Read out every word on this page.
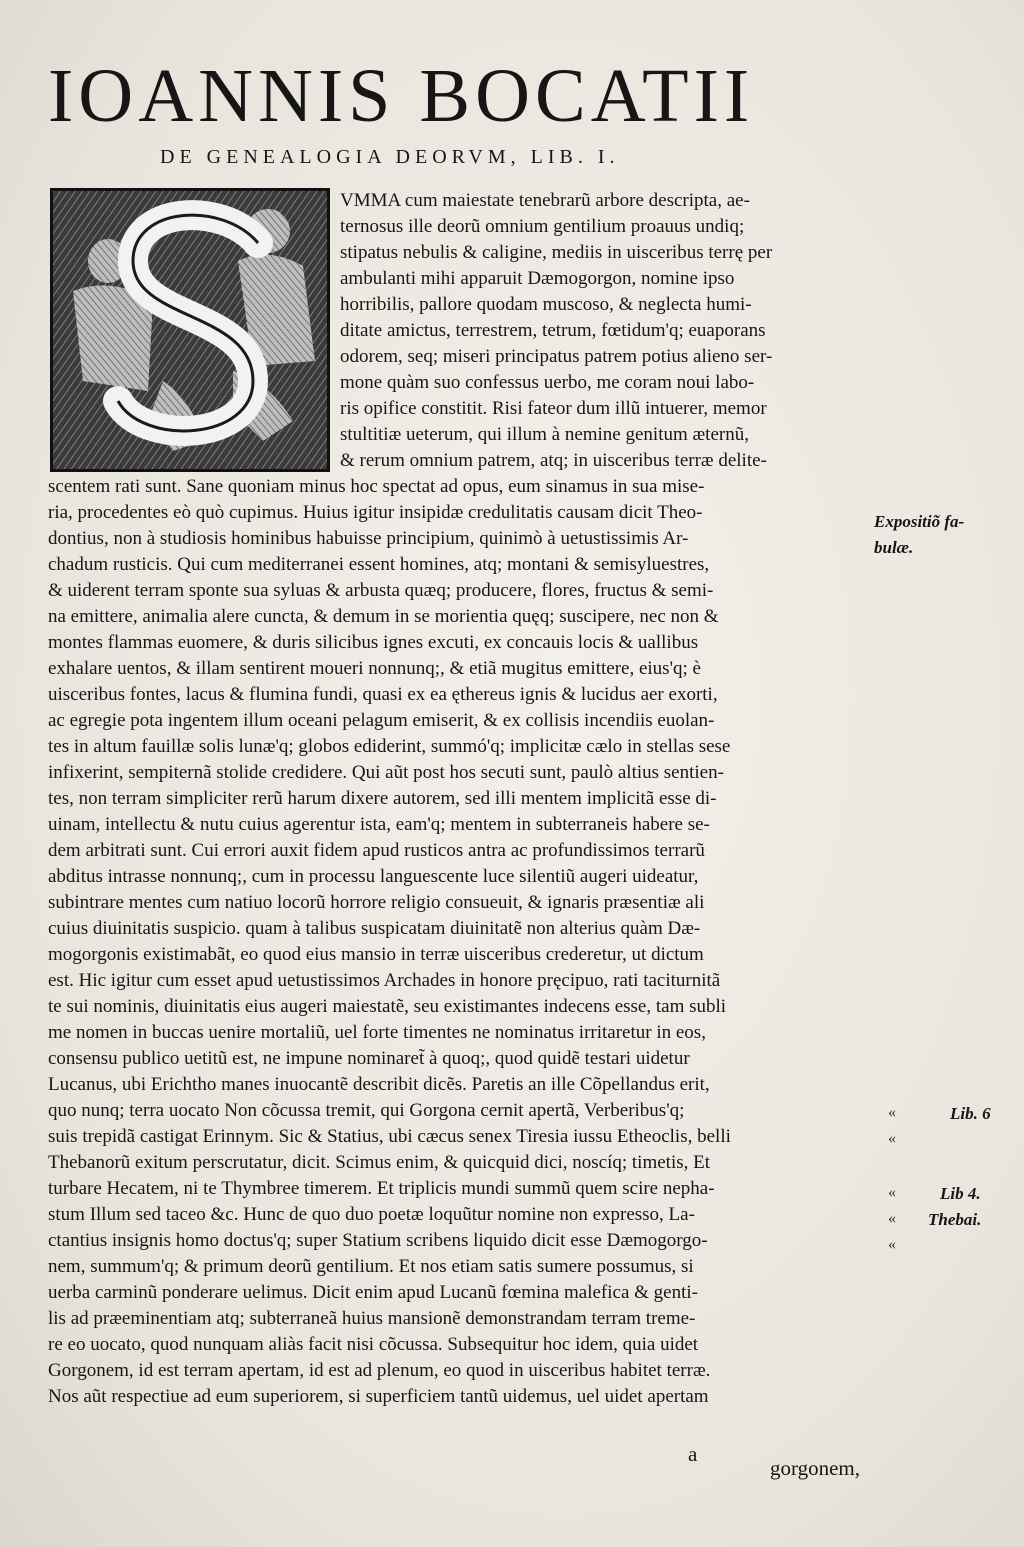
IOANNIS BOCATII
DE GENEALOGIA DEORVM, LIB. I.
VMMA cum maiestate tenebrarũ arbore descripta, ae-
ternosus ille deorũ omnium gentilium proauus undiq;
stipatus nebulis & caligine, mediis in uisceribus terrę per
ambulanti mihi apparuit Dæmogorgon, nomine ipso
horribilis, pallore quodam muscoso, & neglecta humi-
ditate amictus, terrestrem, tetrum, fœtidum'q; euaporans
odorem, seq; miseri principatus patrem potius alieno ser-
mone quàm suo confessus uerbo, me coram noui labo-
ris opifice constitit. Risi fateor dum illũ intuerer, memor
stultitiæ ueterum, qui illum à nemine genitum æternũ,
& rerum omnium patrem, atq; in uisceribus terræ delite-
scentem rati sunt. Sane quoniam minus hoc spectat ad opus, eum sinamus in sua mise-
ria, procedentes eò quò cupimus. Huius igitur insipidæ credulitatis causam dicit Theo-
dontius, non à studiosis hominibus habuisse principium, quinimò à uetustissimis Ar-
chadum rusticis. Qui cum mediterranei essent homines, atq; montani & semisyluestres,
& uiderent terram sponte sua syluas & arbusta quæq; producere, flores, fructus & semi-
na emittere, animalia alere cuncta, & demum in se morientia quęq; suscipere, nec non &
montes flammas euomere, & duris silicibus ignes excuti, ex concauis locis & uallibus
exhalare uentos, & illam sentirent moueri nonnunq;, & etiã mugitus emittere, eius'q; è
uisceribus fontes, lacus & flumina fundi, quasi ex ea ęthereus ignis & lucidus aer exorti,
ac egregie pota ingentem illum oceani pelagum emiserit, & ex collisis incendiis euolan-
tes in altum fauillæ solis lunæ'q; globos ediderint, summó'q; implicitæ cælo in stellas sese
infixerint, sempiternã stolide credidere. Qui aũt post hos secuti sunt, paulò altius sentien-
tes, non terram simpliciter rerũ harum dixere autorem, sed illi mentem implicitã esse di-
uinam, intellectu & nutu cuius agerentur ista, eam'q; mentem in subterraneis habere se-
dem arbitrati sunt. Cui errori auxit fidem apud rusticos antra ac profundissimos terrarũ
abditus intrasse nonnunq;, cum in processu languescente luce silentiũ augeri uideatur,
subintrare mentes cum natiuo locorũ horrore religio consueuit, & ignaris præsentiæ ali
cuius diuinitatis suspicio. quam à talibus suspicatam diuinitatẽ non alterius quàm Dæ-
mogorgonis existimabãt, eo quod eius mansio in terræ uisceribus crederetur, ut dictum
est. Hic igitur cum esset apud uetustissimos Archades in honore pręcipuo, rati taciturnitã
te sui nominis, diuinitatis eius augeri maiestatẽ, seu existimantes indecens esse, tam subli
me nomen in buccas uenire mortaliũ, uel forte timentes ne nominatus irritaretur in eos,
consensu publico uetitũ est, ne impune nominaret̃ à quoq;, quod quidẽ testari uidetur
Lucanus, ubi Erichtho manes inuocantẽ describit dicẽs. Paretis an ille Cõpellandus erit,
quo nunq; terra uocato Non cõcussa tremit, qui Gorgona cernit apertã, Verberibus'q;
suis trepidã castigat Erinnym. Sic & Statius, ubi cæcus senex Tiresia iussu Etheoclis, belli
Thebanorũ exitum perscrutatur, dicit. Scimus enim, & quicquid dici, noscíq; timetis, Et
turbare Hecatem, ni te Thymbree timerem. Et triplicis mundi summũ quem scire nepha-
stum Illum sed taceo &c. Hunc de quo duo poetæ loquũtur nomine non expresso, La-
ctantius insignis homo doctus'q; super Statium scribens liquido dicit esse Dæmogorgo-
nem, summum'q; & primum deorũ gentilium. Et nos etiam satis sumere possumus, si
uerba carminũ ponderare uelimus. Dicit enim apud Lucanũ fœmina malefica & genti-
lis ad præeminentiam atq; subterraneã huius mansionẽ demonstrandam terram treme-
re eo uocato, quod nunquam aliàs facit nisi cõcussa. Subsequitur hoc idem, quia uidet
Gorgonem, id est terram apertam, id est ad plenum, eo quod in uisceribus habitet terræ.
Nos aũt respectiue ad eum superiorem, si superficiem tantũ uidemus, uel uidet apertam
Expositiõ fa-
bulæ.
Lib. 6
Lib 4.
Thebai.
«
«
«
«
«
a
gorgonem,
